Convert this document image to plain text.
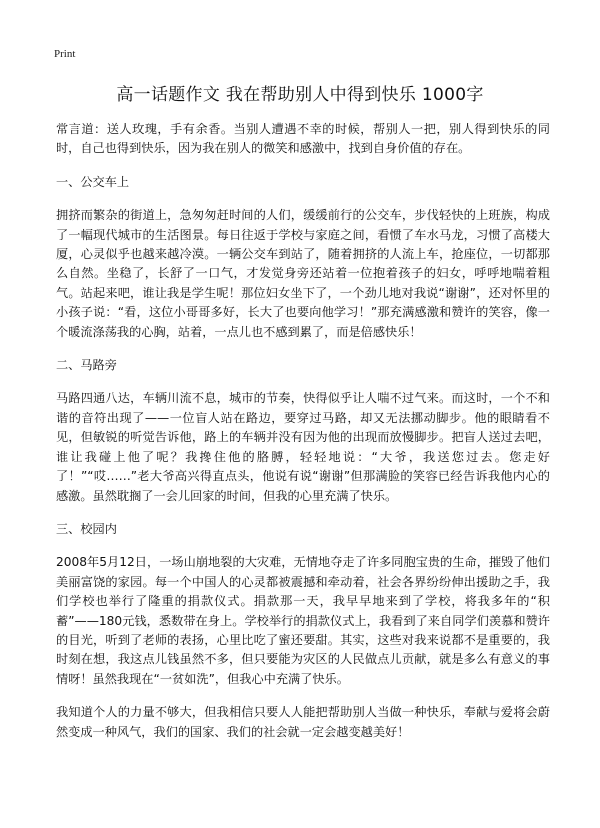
Print
高一话题作文 我在帮助别人中得到快乐 1000字

常言道：送人玫瑰，手有余香。当别人遭遇不幸的时候，帮别人一把，别人得到快乐的同时，自己也得到快乐，因为我在别人的微笑和感激中，找到自身价值的存在。

一、公交车上

拥挤而繁杂的街道上，急匆匆赶时间的人们，缓缓前行的公交车，步伐轻快的上班族，构成了一幅现代城市的生活图景。每日往返于学校与家庭之间，看惯了车水马龙，习惯了高楼大厦，心灵似乎也越来越冷漠。一辆公交车到站了，随着拥挤的人流上车，抢座位，一切都那么自然。坐稳了，长舒了一口气，才发觉身旁还站着一位抱着孩子的妇女，呼呼地喘着粗气。站起来吧，谁让我是学生呢！那位妇女坐下了，一个劲儿地对我说“谢谢”，还对怀里的小孩子说：“看，这位小哥哥多好，长大了也要向他学习！”那充满感激和赞许的笑容，像一个暖流涤荡我的心胸，站着，一点儿也不感到累了，而是倍感快乐！

二、马路旁

马路四通八达，车辆川流不息，城市的节奏，快得似乎让人喘不过气来。而这时，一个不和谐的音符出现了——一位盲人站在路边，要穿过马路，却又无法挪动脚步。他的眼睛看不见，但敏锐的听觉告诉他，路上的车辆并没有因为他的出现而放慢脚步。把盲人送过去吧，谁让我碰上他了呢？我搀住他的胳膊，轻轻地说：“大爷，我送您过去。您走好了！”“哎……”老大爷高兴得直点头，他说有说“谢谢”但那满脸的笑容已经告诉我他内心的感激。虽然耽搁了一会儿回家的时间，但我的心里充满了快乐。

三、校园内

2008年5月12日，一场山崩地裂的大灾难，无情地夺走了许多同胞宝贵的生命，摧毁了他们美丽富饶的家园。每一个中国人的心灵都被震撼和牵动着，社会各界纷纷伸出援助之手，我们学校也举行了隆重的捐款仪式。捐款那一天，我早早地来到了学校，将我多年的“积蓄”——180元钱，悉数带在身上。学校举行的捐款仪式上，我看到了来自同学们羡慕和赞许的目光，听到了老师的表扬，心里比吃了蜜还要甜。其实，这些对我来说都不是重要的，我时刻在想，我这点儿钱虽然不多，但只要能为灾区的人民做点儿贡献，就是多么有意义的事情呀！虽然我现在“一贫如洗”，但我心中充满了快乐。

我知道个人的力量不够大，但我相信只要人人能把帮助别人当做一种快乐，奉献与爱将会蔚然变成一种风气，我们的国家、我们的社会就一定会越变越美好！
